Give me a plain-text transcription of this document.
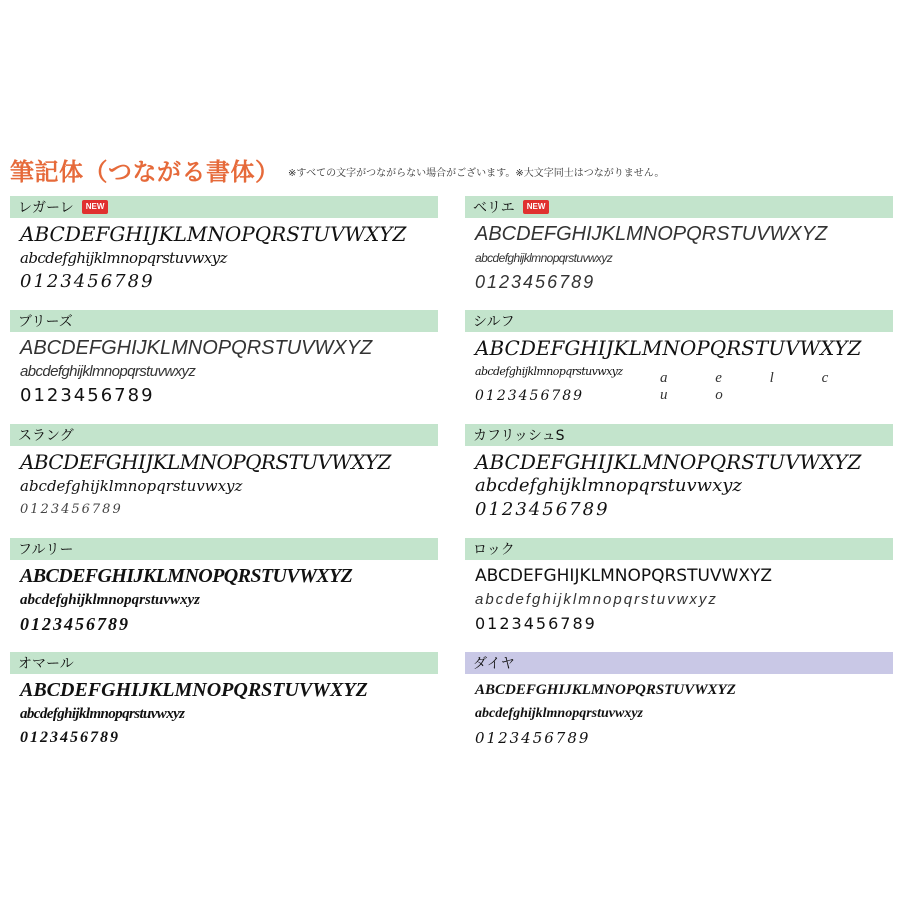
筆記体（つながる書体） ※すべての文字がつながらない場合がございます。※大文字同士はつながりません。
レガーレ	NEW
ABCDEFGHIJKLMNOPQRSTUVWXYZ
abcdefghijklmnopqrstuvwxyz
0123456789
ブリーズ
ABCDEFGHIJKLMNOPQRSTUVWXYZ
abcdefghijklmnopqrstuvwxyz
0123456789
スラング
ABCDEFGHIJKLMNOPQRSTUVWXYZ
abcdefghijklmnopqrstuvwxyz
0123456789
フルリー
ABCDEFGHIJKLMNOPQRSTUVWXYZ
abcdefghijklmnopqrstuvwxyz
0123456789
オマール
ABCDEFGHIJKLMNOPQRSTUVWXYZ
abcdefghijklmnopqrstuvwxyz
0123456789
ベリエ	NEW
ABCDEFGHIJKLMNOPQRSTUVWXYZ
abcdefghijklmnopqrstuvwxyz
0123456789
シルフ
ABCDEFGHIJKLMNOPQRSTUVWXYZ
abcdefghijklmnopqrstuvwxyz	a e l c u o
0123456789
カフリッシュS
ABCDEFGHIJKLMNOPQRSTUVWXYZ
abcdefghijklmnopqrstuvwxyz
0123456789
ロック
ABCDEFGHIJKLMNOPQRSTUVWXYZ
abcdefghijklmnopqrstuvwxyz
0123456789
ダイヤ
ABCDEFGHIJKLMNOPQRSTUVWXYZ
abcdefghijklmnopqrstuvwxyz
0123456789
